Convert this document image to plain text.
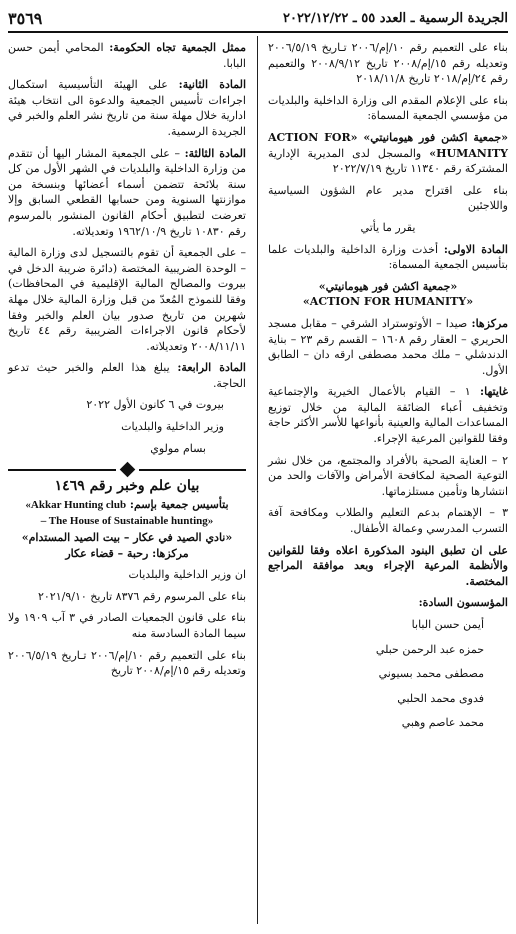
الجريدة الرسمية ـ العدد ٥٥ ـ ٢٠٢٢/١٢/٢٢
٣٥٦٩

بناء على التعميم رقم ١٠/إم/٢٠٠٦ تـاريخ ٢٠٠٦/٥/١٩ وتعديله رقم ١٥/إم/٢٠٠٨ تاريخ ٢٠٠٨/٩/١٢ والتعميم رقم ٢٤/إم/٢٠١٨ تاريخ ٢٠١٨/١١/٨

بناء على الإعلام المقدم الى وزارة الداخلية والبلديات من مؤسسي الجمعية المسماة:

«جمعية اكشن فور هيومانيتي» «ACTION FOR HUMANITY» والمسجل لدى المديرية الإدارية المشتركة رقم ١١٣٤٠ تاريخ ٢٠٢٢/٧/١٩

بناء على اقتراح مدير عام الشؤون السياسية واللاجئين

يقرر ما يأتي

المادة الاولى: أخذت وزارة الداخلية والبلديات علما بتأسيس الجمعية المسماة:

«جمعية اكشن فور هيومانيتي»

«ACTION FOR HUMANITY»

مركزها: صيدا – الأوتوستراد الشرقي – مقابل مسجد الحريري – العقار رقم ١٦٠٨ – القسم رقم ٢٣ – بناية الدندشلي – ملك محمد مصطفى ارقه دان – الطابق الأول.

غايتها: ١ – القيام بالأعمال الخيرية والإجتماعية وتخفيف أعباء الضائقة المالية من خلال توزيع المساعدات المالية والعينية بأنواعها للأسر الأكثر حاجة وفقا للقوانين المرعية الإجراء.

٢ – العناية الصحية بالأفراد والمجتمع، من خلال نشر التوعية الصحية لمكافحة الأمراض والآفات والحد من انتشارها وتأمين مستلزماتها.

٣ – الإهتمام بدعم التعليم والطلاب ومكافحة آفة التسرب المدرسي وعمالة الأطفال.

على ان تطبق البنود المذكورة اعلاه وفقا للقوانين والأنظمة المرعية الإجراء وبعد موافقة المراجع المختصة.

المؤسسون السادة:

أيمن حسن البابا

حمزه عبد الرحمن حبلي

مصطفى محمد بسيوني

فدوى محمد الحلبي

محمد عاصم وهبي

ممثل الجمعية تجاه الحكومة: المحامي أيمن حسن البابا.

المادة الثانية: على الهيئة التأسيسية استكمال اجراءات تأسيس الجمعية والدعوة الى انتخاب هيئة ادارية خلال مهلة سنة من تاريخ نشر العلم والخبر في الجريدة الرسمية.

المادة الثالثة: – على الجمعية المشار اليها أن تتقدم من وزارة الداخلية والبلديات في الشهر الأول من كل سنة بلائحة تتضمن أسماء أعضائها وبنسخة من موازنتها السنوية ومن حسابها القطعي السابق وإلا تعرضت لتطبيق أحكام القانون المنشور بالمرسوم رقم ١٠٨٣٠ تاريخ ١٩٦٢/١٠/٩ وتعديلاته.

– على الجمعية أن تقوم بالتسجيل لدى وزارة المالية – الوحدة الضريبية المختصة (دائرة ضريبة الدخل في بيروت والمصالح المالية الإقليمية في المحافظات) وفقا للنموذج المُعدّ من قبل وزارة المالية خلال مهلة شهرين من تاريخ صدور بيان العلم والخبر وفقا لأحكام قانون الاجراءات الضريبية رقم ٤٤ تاريخ ٢٠٠٨/١١/١١ وتعديلاته.

المادة الرابعة: يبلغ هذا العلم والخبر حيث تدعو الحاجة.

بيروت في ٦ كانون الأول ٢٠٢٢

وزير الداخلية والبلديات

بسام مولوي

بيان علم وخبر رقم ١٤٦٩

بتأسيس جمعية بإسم: «Akkar Hunting club

– The House of Sustainable hunting»

«نادي الصيد في عكار – بيت الصيد المستدام»

مركزها: رحبة – قضاء عكار

ان وزير الداخلية والبلديات

بناء على المرسوم رقم ٨٣٧٦ تاريخ ٢٠٢١/٩/١٠

بناء على قانون الجمعيات الصادر في ٣ آب ١٩٠٩ ولا سيما المادة السادسة منه

بناء على التعميم رقم ١٠/إم/٢٠٠٦ تـاريخ ٢٠٠٦/٥/١٩ وتعديله رقم ١٥/إم/٢٠٠٨ تاريخ
